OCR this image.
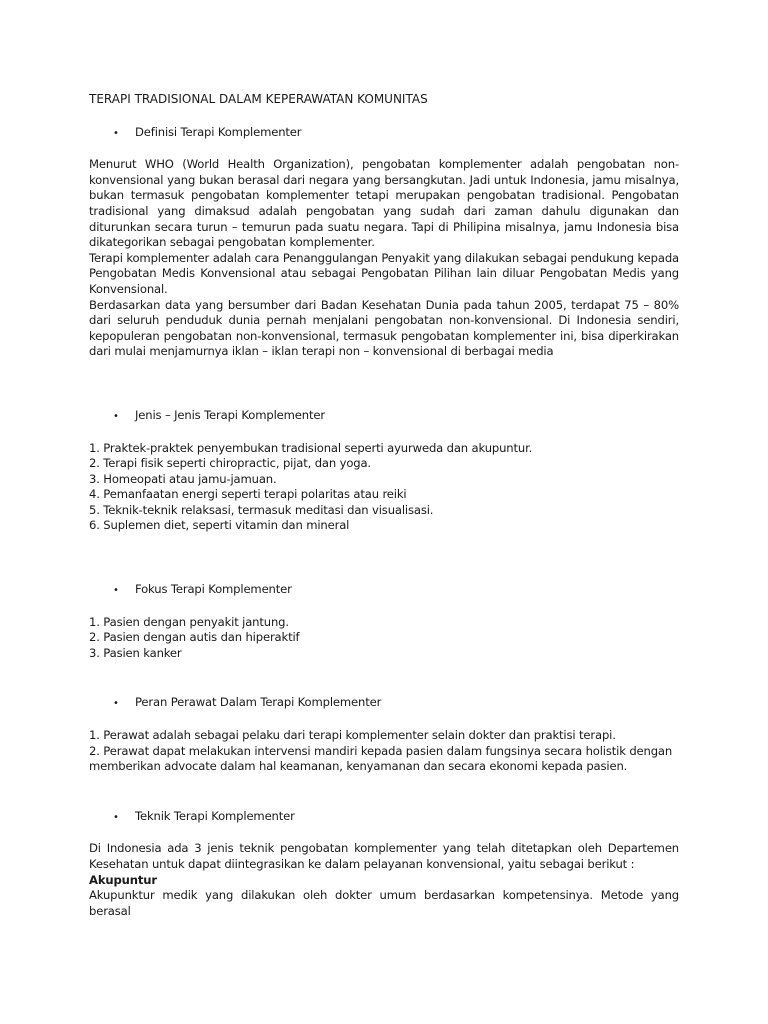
TERAPI TRADISIONAL DALAM KEPERAWATAN KOMUNITAS

•	Definisi Terapi Komplementer

Menurut WHO (World Health Organization), pengobatan komplementer adalah pengobatan non-konvensional yang bukan berasal dari negara yang bersangkutan. Jadi untuk Indonesia, jamu misalnya, bukan termasuk pengobatan komplementer tetapi merupakan pengobatan tradisional. Pengobatan tradisional yang dimaksud adalah pengobatan yang sudah dari zaman dahulu digunakan dan diturunkan secara turun – temurun pada suatu negara. Tapi di Philipina misalnya, jamu Indonesia bisa dikategorikan sebagai pengobatan komplementer.

Terapi komplementer adalah cara Penanggulangan Penyakit yang dilakukan sebagai pendukung kepada Pengobatan Medis Konvensional atau sebagai Pengobatan Pilihan lain diluar Pengobatan Medis yang Konvensional.

Berdasarkan data yang bersumber dari Badan Kesehatan Dunia pada tahun 2005, terdapat 75 – 80% dari seluruh penduduk dunia pernah menjalani pengobatan non-konvensional. Di Indonesia sendiri, kepopuleran pengobatan non-konvensional, termasuk pengobatan komplementer ini, bisa diperkirakan dari mulai menjamurnya iklan – iklan terapi non – konvensional di berbagai media

•	Jenis – Jenis Terapi Komplementer

1. Praktek-praktek penyembukan tradisional seperti ayurweda dan akupuntur.
2. Terapi fisik seperti chiropractic, pijat, dan yoga.
3. Homeopati atau jamu-jamuan.
4. Pemanfaatan energi seperti terapi polaritas atau reiki
5. Teknik-teknik relaksasi, termasuk meditasi dan visualisasi.
6. Suplemen diet, seperti vitamin dan mineral

•	Fokus Terapi Komplementer

1. Pasien dengan penyakit jantung.
2. Pasien dengan autis dan hiperaktif
3. Pasien kanker

•	Peran Perawat Dalam Terapi Komplementer

1. Perawat adalah sebagai pelaku dari terapi komplementer selain dokter dan praktisi terapi.
2. Perawat dapat melakukan intervensi mandiri kepada pasien dalam fungsinya secara holistik dengan memberikan advocate dalam hal keamanan, kenyamanan dan secara ekonomi kepada pasien.

•	Teknik Terapi Komplementer

Di Indonesia ada 3 jenis teknik pengobatan komplementer yang telah ditetapkan oleh Departemen Kesehatan untuk dapat diintegrasikan ke dalam pelayanan konvensional, yaitu sebagai berikut :

Akupuntur

Akupunktur medik yang dilakukan oleh dokter umum berdasarkan kompetensinya. Metode yang berasal
